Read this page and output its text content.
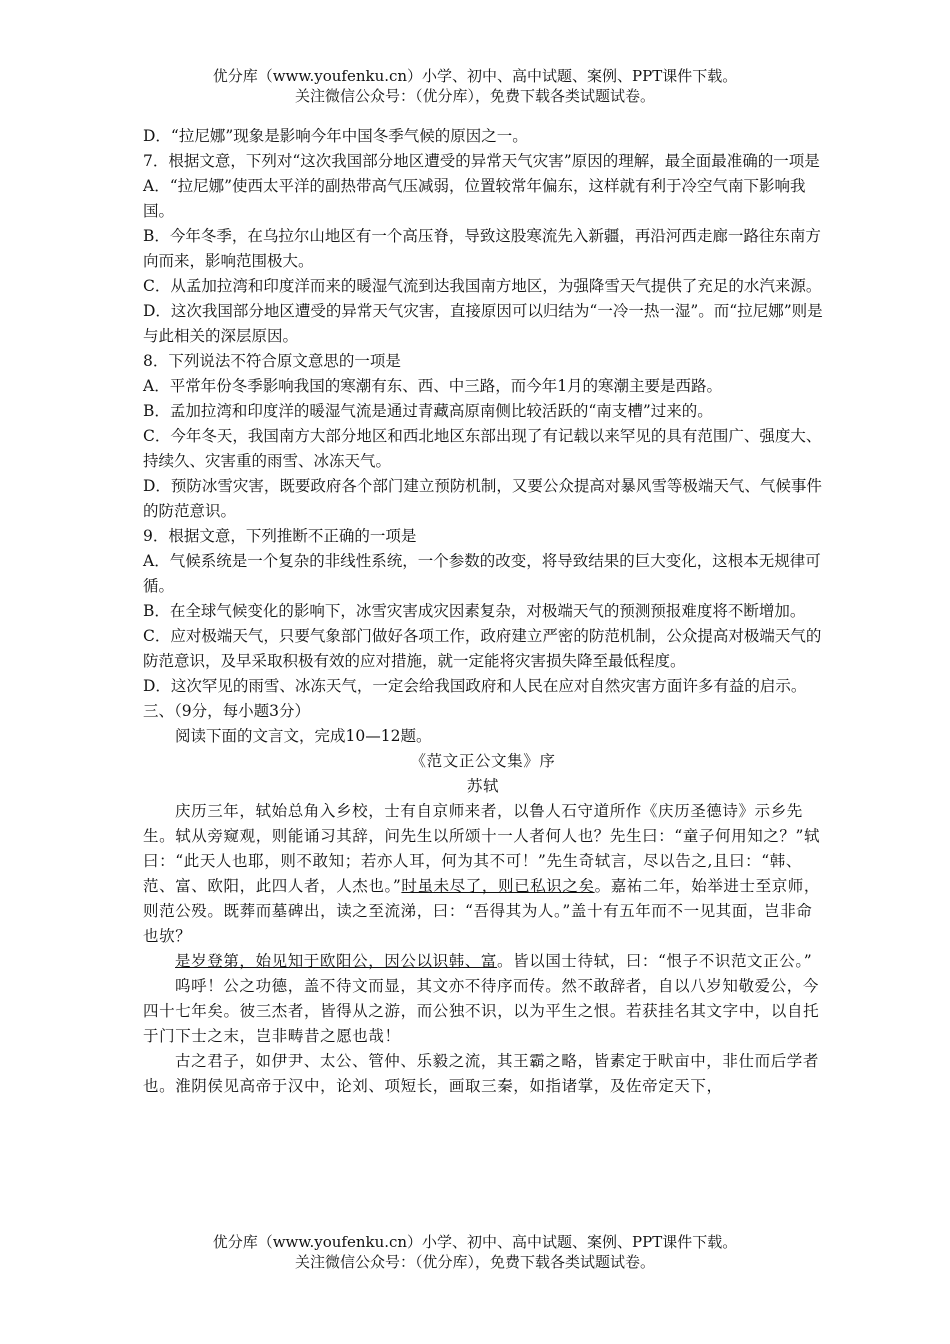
优分库（www.youfenku.cn）小学、初中、高中试题、案例、PPT课件下载。
关注微信公众号：（优分库），免费下载各类试题试卷。

D．“拉尼娜”现象是影响今年中国冬季气候的原因之一。

7．根据文意，下列对“这次我国部分地区遭受的异常天气灾害”原因的理解，最全面最准确的一项是

A．“拉尼娜”使西太平洋的副热带高气压减弱，位置较常年偏东，这样就有利于冷空气南下影响我国。

B．今年冬季，在乌拉尔山地区有一个高压脊，导致这股寒流先入新疆，再沿河西走廊一路往东南方向而来，影响范围极大。

C．从孟加拉湾和印度洋而来的暖湿气流到达我国南方地区，为强降雪天气提供了充足的水汽来源。

D．这次我国部分地区遭受的异常天气灾害，直接原因可以归结为“一冷一热一湿”。而“拉尼娜”则是与此相关的深层原因。

8．下列说法不符合原文意思的一项是

A．平常年份冬季影响我国的寒潮有东、西、中三路，而今年1月的寒潮主要是西路。

B．孟加拉湾和印度洋的暖湿气流是通过青藏高原南侧比较活跃的“南支槽”过来的。

C．今年冬天，我国南方大部分地区和西北地区东部出现了有记载以来罕见的具有范围广、强度大、持续久、灾害重的雨雪、冰冻天气。

D．预防冰雪灾害，既要政府各个部门建立预防机制，又要公众提高对暴风雪等极端天气、气候事件的防范意识。

9．根据文意，下列推断不正确的一项是

A．气候系统是一个复杂的非线性系统，一个参数的改变，将导致结果的巨大变化，这根本无规律可循。

B．在全球气候变化的影响下，冰雪灾害成灾因素复杂，对极端天气的预测预报难度将不断增加。

C．应对极端天气，只要气象部门做好各项工作，政府建立严密的防范机制，公众提高对极端天气的防范意识，及早采取积极有效的应对措施，就一定能将灾害损失降至最低程度。

D．这次罕见的雨雪、冰冻天气，一定会给我国政府和人民在应对自然灾害方面许多有益的启示。

三、（9分，每小题3分）

阅读下面的文言文，完成10—12题。

《范文正公文集》序

苏轼

庆历三年，轼始总角入乡校，士有自京师来者，以鲁人石守道所作《庆历圣德诗》示乡先生。轼从旁窥观，则能诵习其辞，问先生以所颂十一人者何人也？先生曰：“童子何用知之？”轼曰：“此天人也耶，则不敢知；若亦人耳，何为其不可！”先生奇轼言，尽以告之,且曰：“韩、范、富、欧阳，此四人者，人杰也。”时虽未尽了，则已私识之矣。嘉祐二年，始举进士至京师，则范公殁。既葬而墓碑出，读之至流涕，曰：“吾得其为人。”盖十有五年而不一见其面，岂非命也欤？

是岁登第，始见知于欧阳公，因公以识韩、富。皆以国士待轼，曰：“恨子不识范文正公。”

呜呼！公之功德，盖不待文而显，其文亦不待序而传。然不敢辞者，自以八岁知敬爱公，今四十七年矣。彼三杰者，皆得从之游，而公独不识，以为平生之恨。若获挂名其文字中，以自托于门下士之末，岂非畴昔之愿也哉！

古之君子，如伊尹、太公、管仲、乐毅之流，其王霸之略，皆素定于畎亩中，非仕而后学者也。淮阴侯见高帝于汉中，论刘、项短长，画取三秦，如指诸掌，及佐帝定天下，

优分库（www.youfenku.cn）小学、初中、高中试题、案例、PPT课件下载。
关注微信公众号：（优分库），免费下载各类试题试卷。
